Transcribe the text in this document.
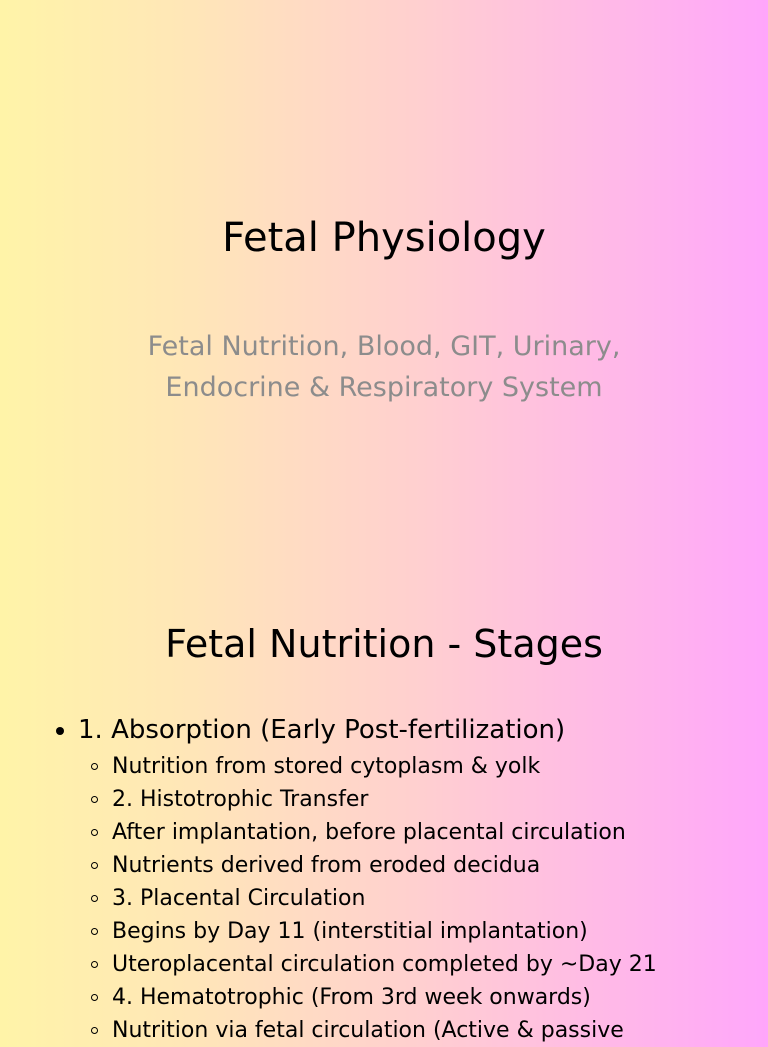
Fetal Physiology
Fetal Nutrition, Blood, GIT, Urinary,
Endocrine & Respiratory System
Fetal Nutrition - Stages
1. Absorption (Early Post-fertilization)
Nutrition from stored cytoplasm & yolk
2. Histotrophic Transfer
After implantation, before placental circulation
Nutrients derived from eroded decidua
3. Placental Circulation
Begins by Day 11 (interstitial implantation)
Uteroplacental circulation completed by ~Day 21
4. Hematotrophic (From 3rd week onwards)
Nutrition via fetal circulation (Active & passive
